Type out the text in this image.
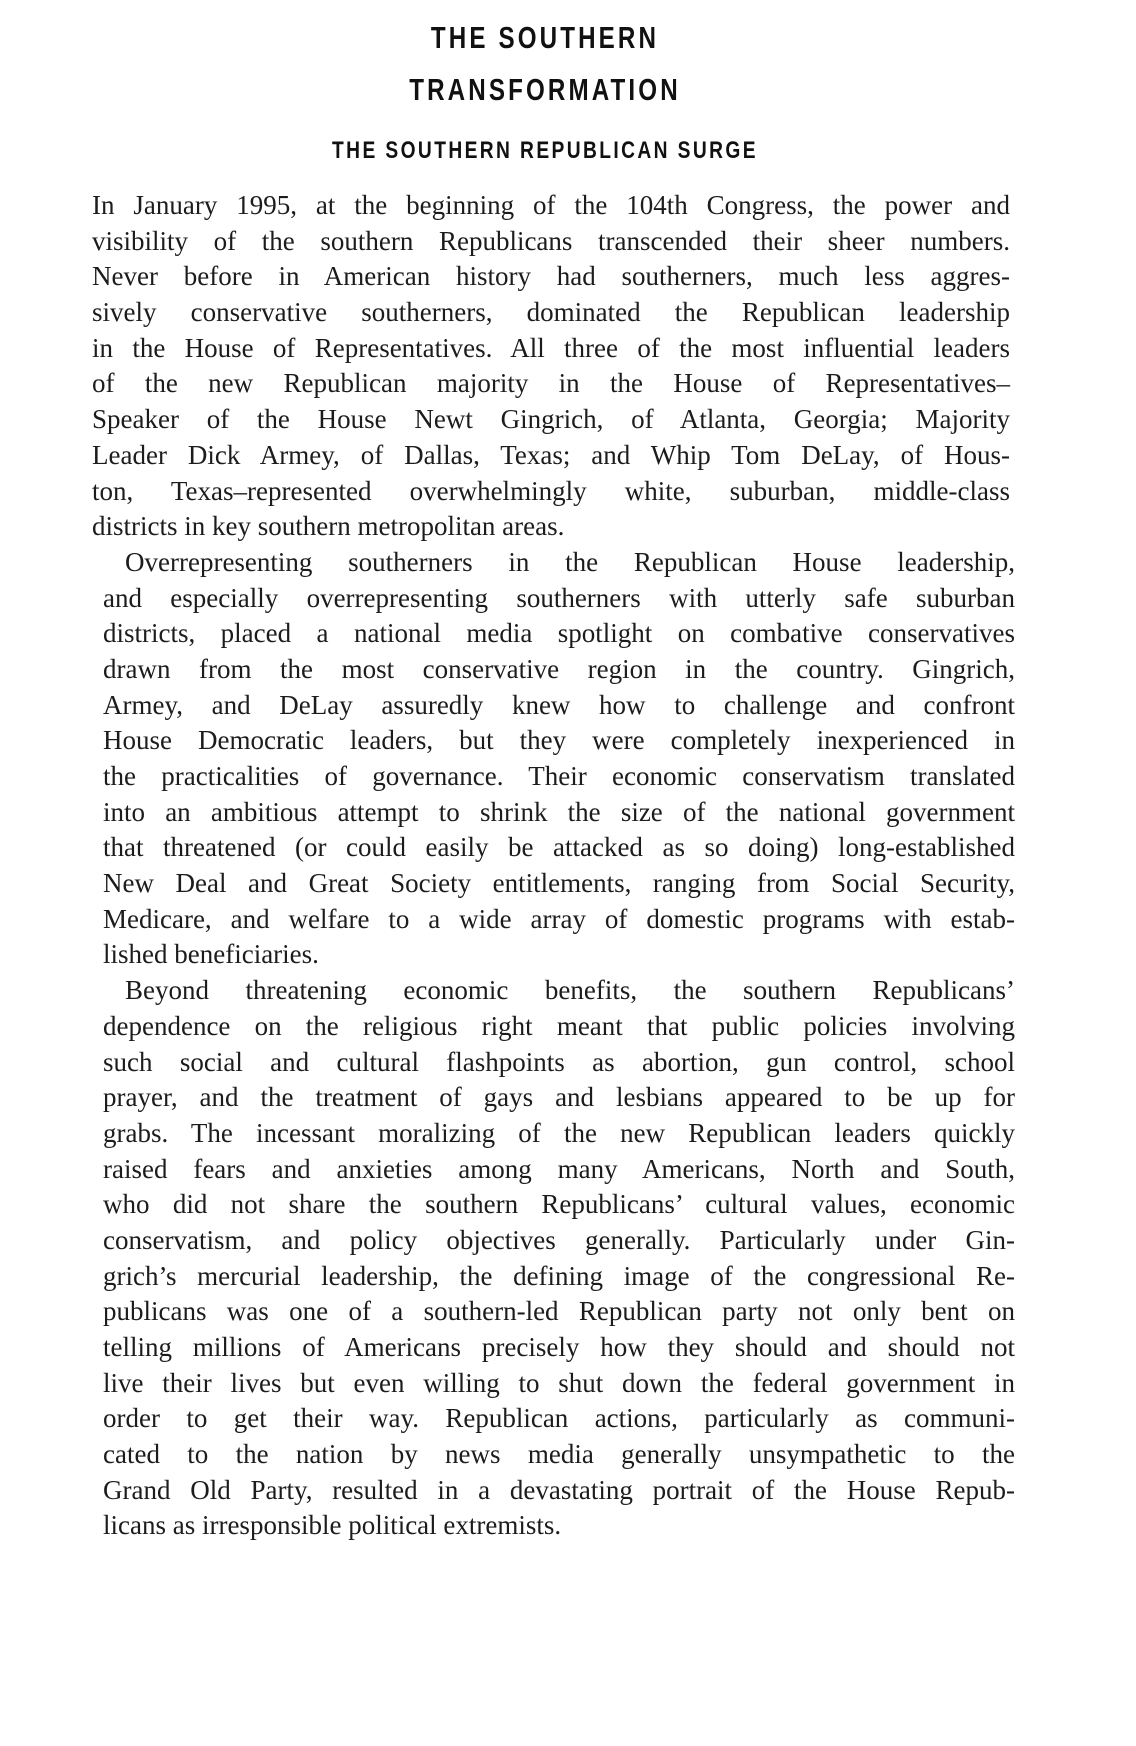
THE SOUTHERN
TRANSFORMATION
THE SOUTHERN REPUBLICAN SURGE
In January 1995, at the beginning of the 104th Congress, the power and
visibility of the southern Republicans transcended their sheer numbers.
Never before in American history had southerners, much less aggres-
sively conservative southerners, dominated the Republican leadership
in the House of Representatives. All three of the most influential leaders
of the new Republican majority in the House of Representatives–
Speaker of the House Newt Gingrich, of Atlanta, Georgia; Majority
Leader Dick Armey, of Dallas, Texas; and Whip Tom DeLay, of Hous-
ton, Texas–represented overwhelmingly white, suburban, middle-class
districts in key southern metropolitan areas.
Overrepresenting southerners in the Republican House leadership,
and especially overrepresenting southerners with utterly safe suburban
districts, placed a national media spotlight on combative conservatives
drawn from the most conservative region in the country. Gingrich,
Armey, and DeLay assuredly knew how to challenge and confront
House Democratic leaders, but they were completely inexperienced in
the practicalities of governance. Their economic conservatism translated
into an ambitious attempt to shrink the size of the national government
that threatened (or could easily be attacked as so doing) long-established
New Deal and Great Society entitlements, ranging from Social Security,
Medicare, and welfare to a wide array of domestic programs with estab-
lished beneficiaries.
Beyond threatening economic benefits, the southern Republicans’
dependence on the religious right meant that public policies involving
such social and cultural flashpoints as abortion, gun control, school
prayer, and the treatment of gays and lesbians appeared to be up for
grabs. The incessant moralizing of the new Republican leaders quickly
raised fears and anxieties among many Americans, North and South,
who did not share the southern Republicans’ cultural values, economic
conservatism, and policy objectives generally. Particularly under Gin-
grich’s mercurial leadership, the defining image of the congressional Re-
publicans was one of a southern-led Republican party not only bent on
telling millions of Americans precisely how they should and should not
live their lives but even willing to shut down the federal government in
order to get their way. Republican actions, particularly as communi-
cated to the nation by news media generally unsympathetic to the
Grand Old Party, resulted in a devastating portrait of the House Repub-
licans as irresponsible political extremists.
